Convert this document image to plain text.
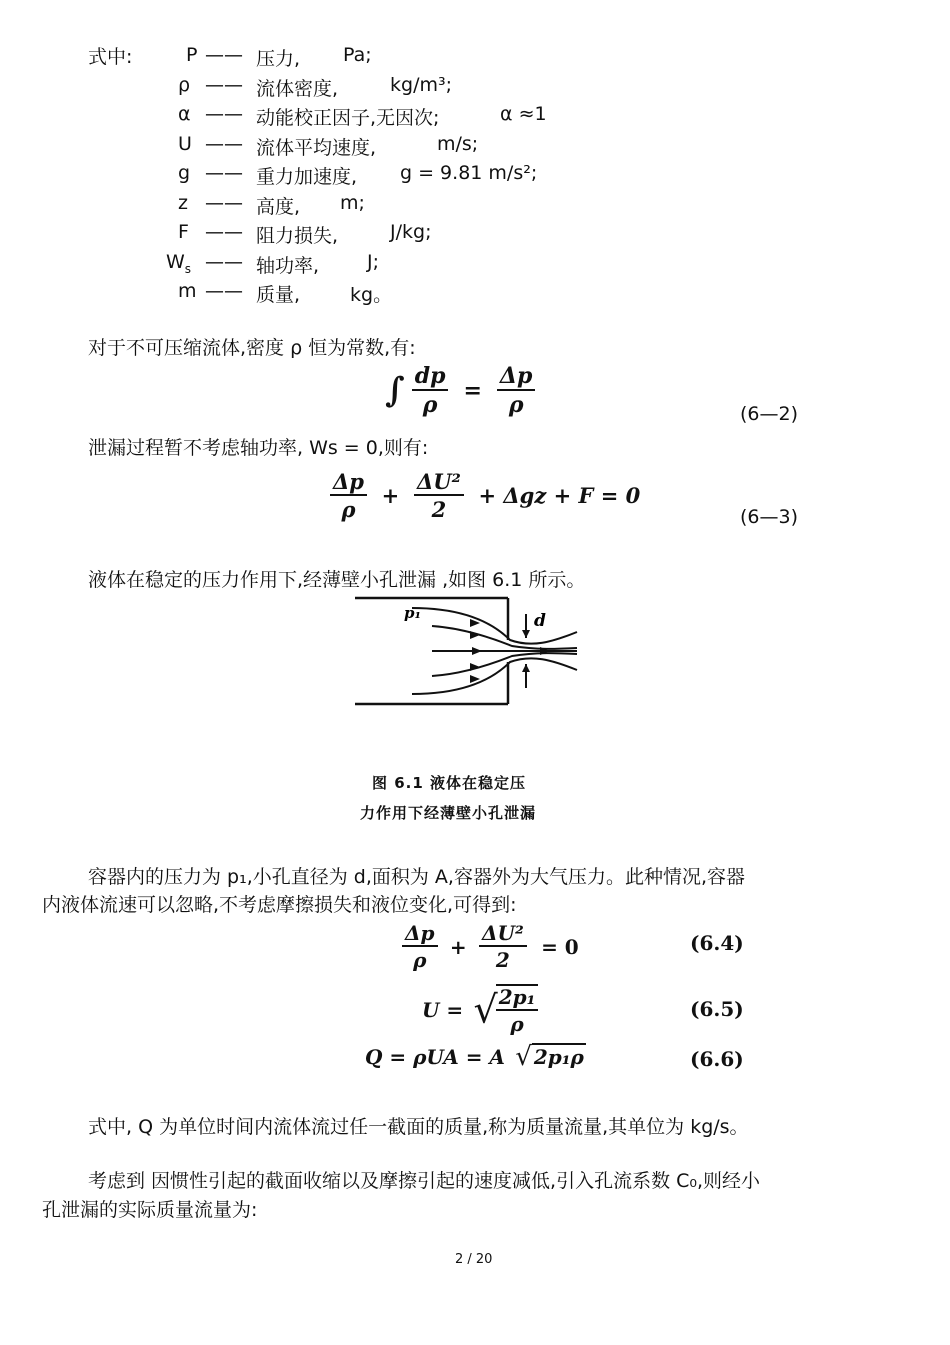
式中:	P —— 压力, Pa;
ρ —— 流体密度,	kg/m³;
α —— 动能校正因子,无因次;	α ≈1
U —— 流体平均速度,	m/s;
g —— 重力加速度, g = 9.81 m/s²;
z —— 高度, m;
F —— 阻力损失,	J/kg;
$W_s$ —— 轴功率,	J;
m —— 质量,	kg。
对于不可压缩流体,密度 ρ 恒为常数,有:
∫ $\frac{dp}{\rho} = \frac{\Delta p}{\rho}$	(6—2)
泄漏过程暂不考虑轴功率, Ws = 0,则有:
$\frac{\Delta p}{\rho} + \frac{\text{ΔU²}}{2} + \Delta gz + F = 0$
(6—3)
液体在稳定的压力作用下,经薄壁小孔泄漏 ,如图 6.1 所示。
p₁	d
图 6.1 液体在稳定压
力作用下经薄壁小孔泄漏
容器内的压力为 p₁,小孔直径为 d,面积为 A,容器外为大气压力。此种情况,容器
内液体流速可以忽略,不考虑摩擦损失和液位变化,可得到:
$\frac{\Delta p}{\rho} + \frac{\text{ΔU²}}{2} = 0$	(6.4)
U = √
$\frac{\text{2p₁}}{\rho}$	(6.5)
Q = ρUA = A √ 2p₁ρ	(6.6)
式中, Q 为单位时间内流体流过任一截面的质量,称为质量流量,其单位为 kg/s。
考虑到 因惯性引起的截面收缩以及摩擦引起的速度减低,引入孔流系数 C₀,则经小
孔泄漏的实际质量流量为:
2 / 20
